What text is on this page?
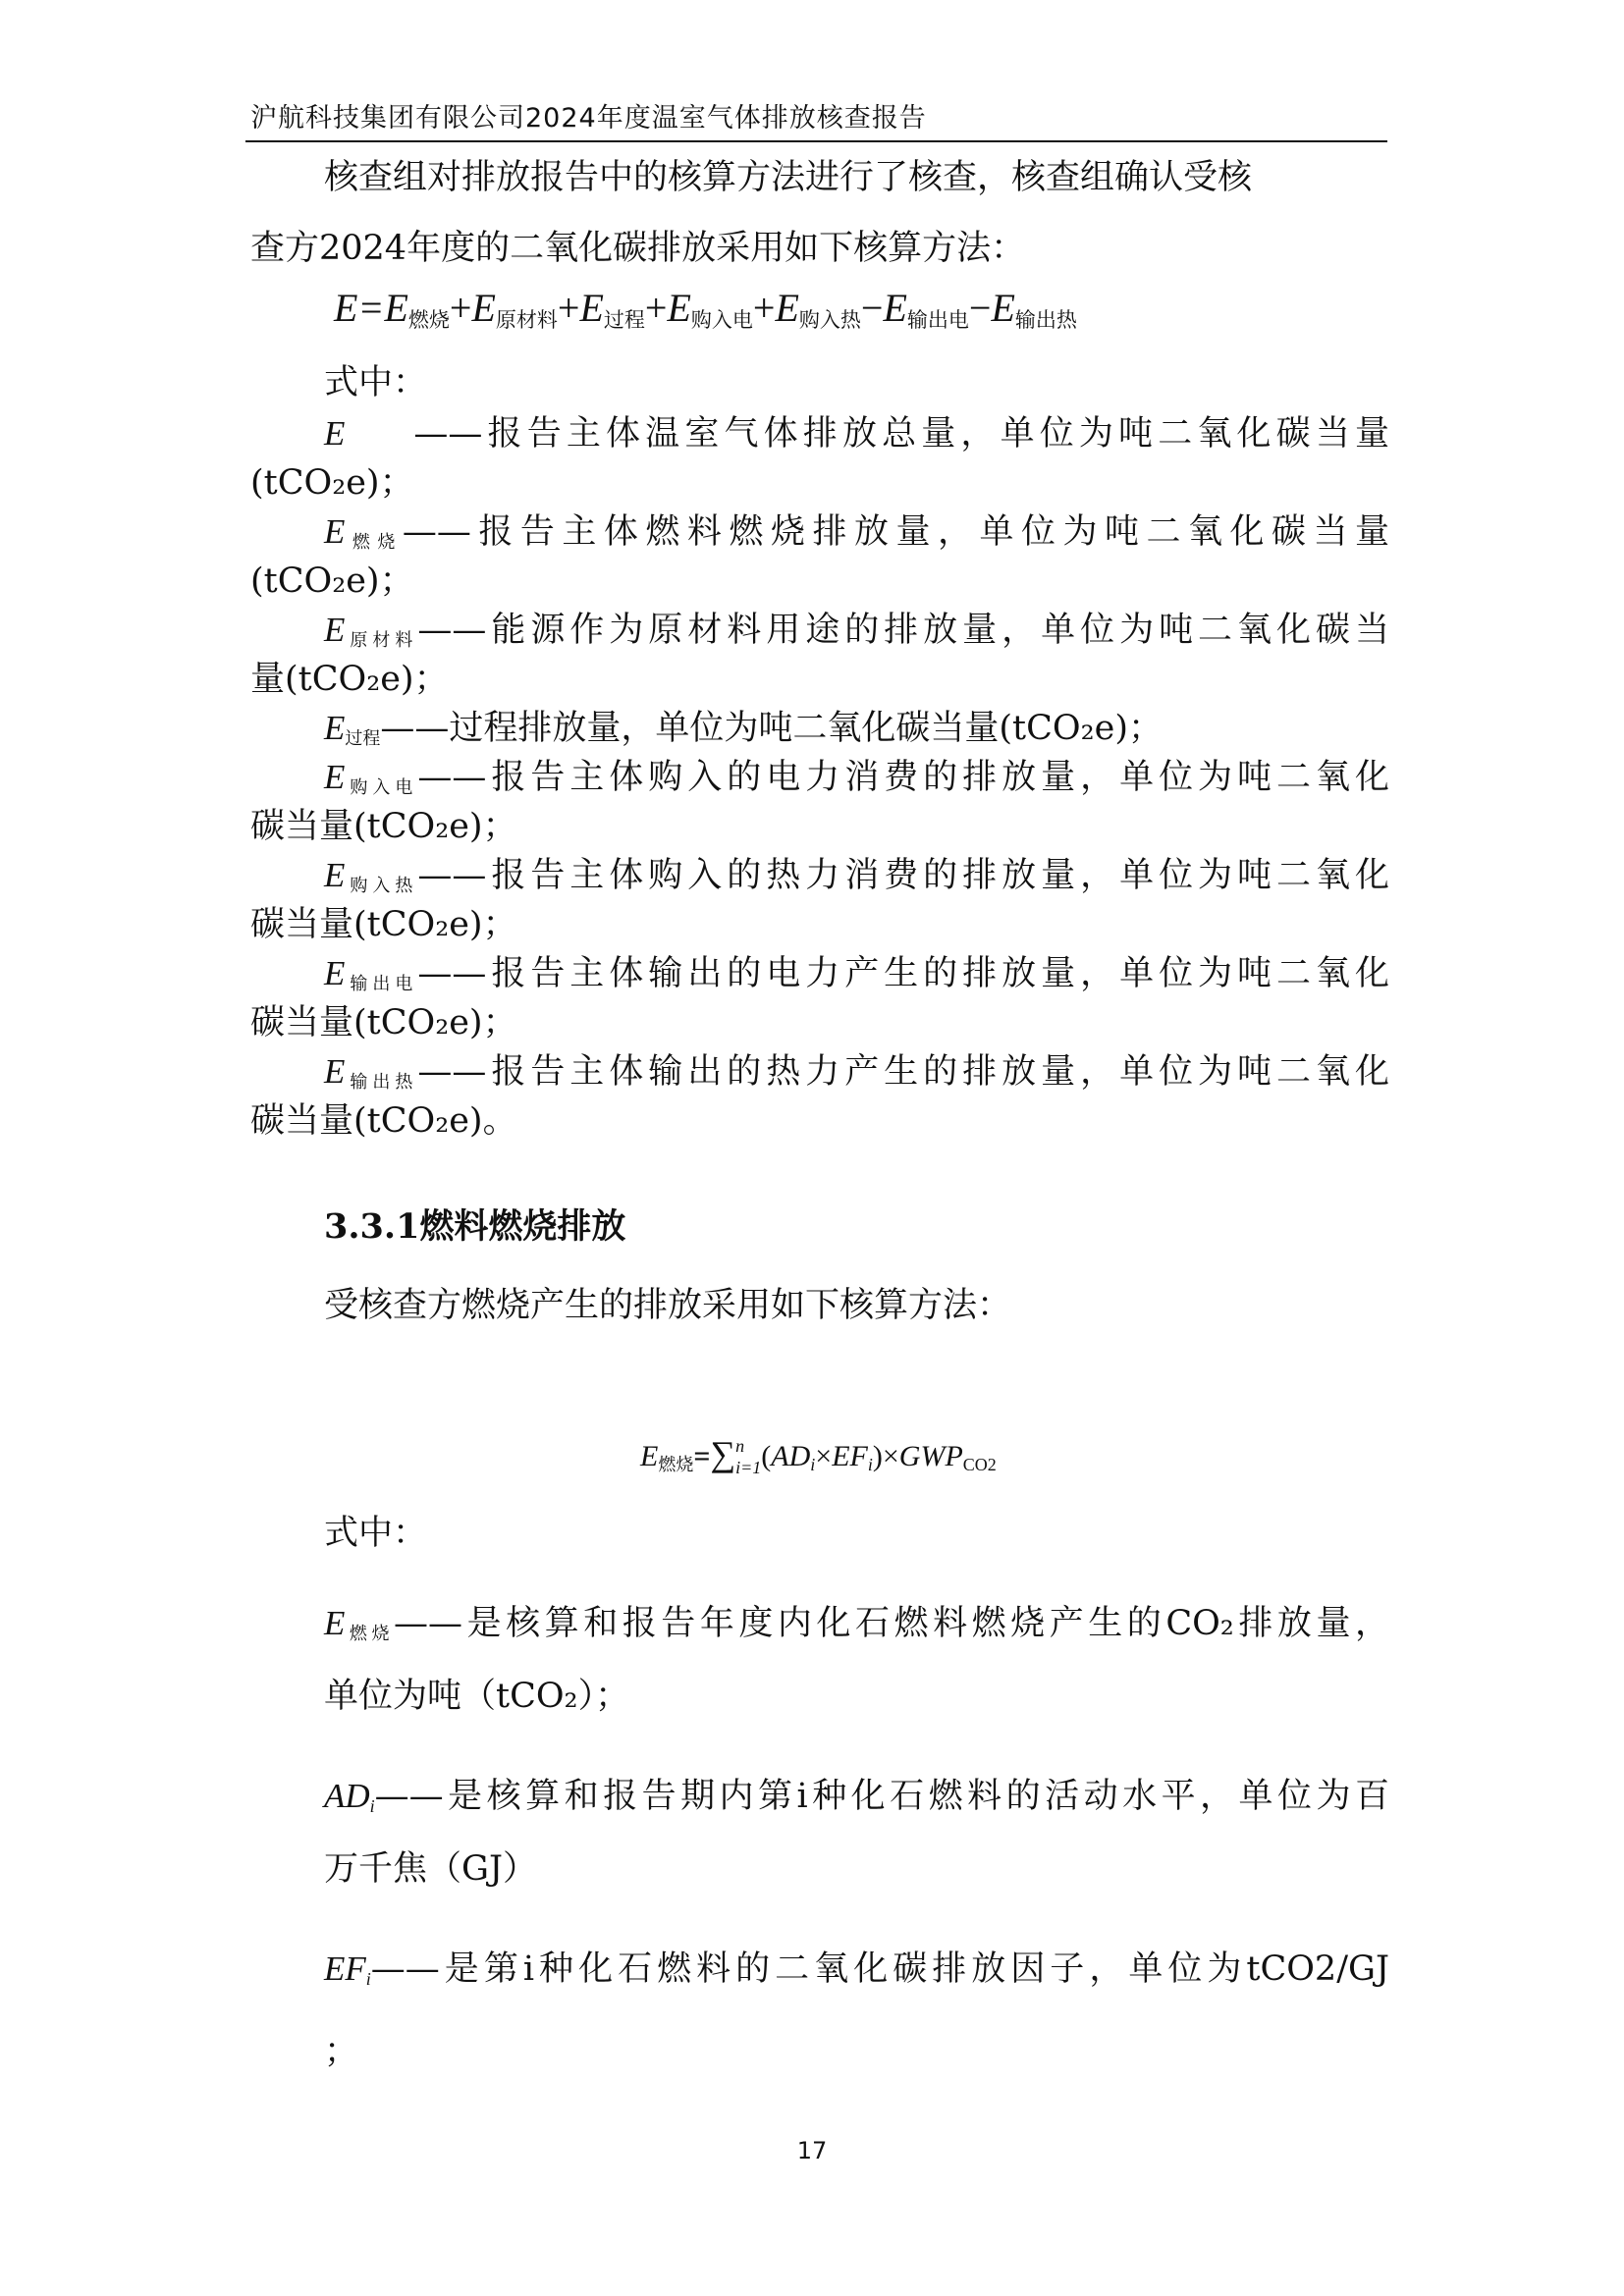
沪航科技集团有限公司2024年度温室气体排放核查报告
核查组对排放报告中的核算方法进行了核查，核查组确认受核
查方2024年度的二氧化碳排放采用如下核算方法：
$E=E_{燃烧}+E_{原材料}+E_{过程}+E_{购入电}+E_{购入热}-E_{输出电}-E_{输出热}$
式中：
E ——报告主体温室气体排放总量，单位为吨二氧化碳当量
(tCO₂e)；
$E_{燃烧}——$报告主体燃料燃烧排放量，单位为吨二氧化碳当量
(tCO₂e)；
$E_{原材料}——$能源作为原材料用途的排放量，单位为吨二氧化碳当
量(tCO₂e)；
$E_{过程}——$过程排放量，单位为吨二氧化碳当量(tCO₂e)；
$E_{购入电}——$报告主体购入的电力消费的排放量，单位为吨二氧化
碳当量(tCO₂e)；
$E_{购入热}——$报告主体购入的热力消费的排放量，单位为吨二氧化
碳当量(tCO₂e)；
$E_{输出电}——$报告主体输出的电力产生的排放量，单位为吨二氧化
碳当量(tCO₂e)；
$E_{输出热}——$报告主体输出的热力产生的排放量，单位为吨二氧化
碳当量(tCO₂e)。
3.3.1燃料燃烧排放
受核查方燃烧产生的排放采用如下核算方法：
$E_{燃烧}=\sum$ n
i=1 $(AD_i\times EF_i)\times GWP_{CO2}$
式中：
$E_{燃烧}——$是核算和报告年度内化石燃料燃烧产生的CO₂排放量，
单位为吨（tCO₂）；
$AD_i——$是核算和报告期内第i种化石燃料的活动水平，单位为百
万千焦（GJ）
$EF_i——$是第i种化石燃料的二氧化碳排放因子，单位为tCO2/GJ
；
17
